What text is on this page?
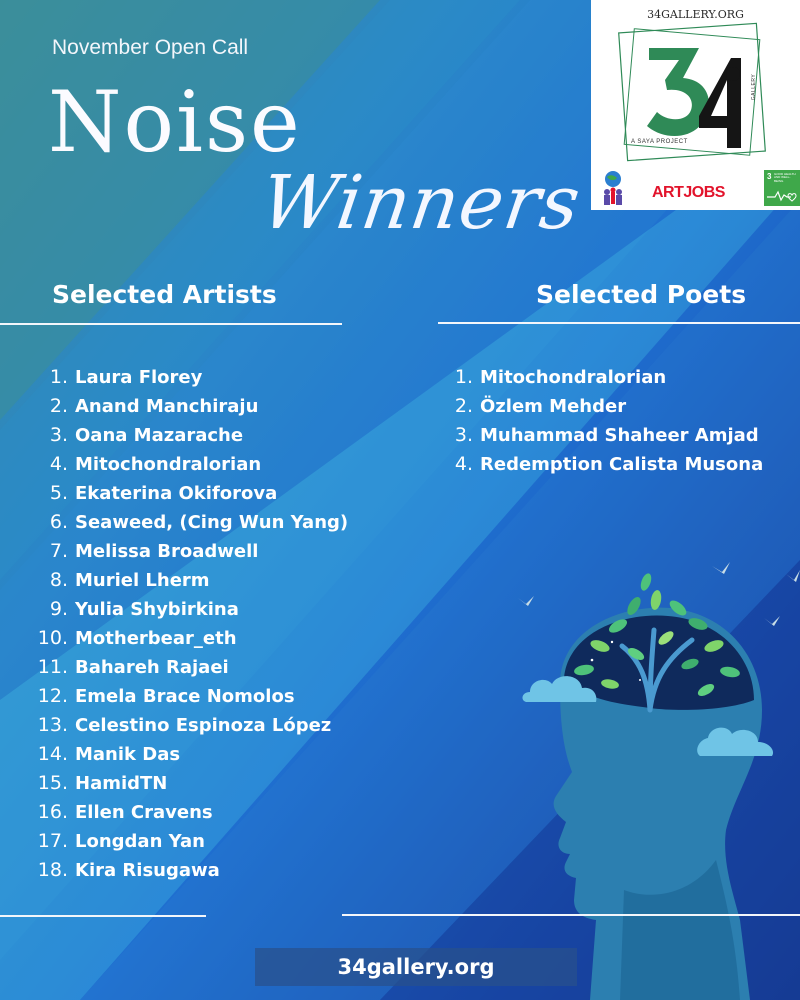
November Open Call
Noise
Winners
34GALLERY.ORG
GALLERY
A SAYA PROJECT
ARTJOBS
3 GOOD HEALTH AND WELL-BEING
Selected Artists	Selected Poets
1. Laura Florey
2. Anand Manchiraju
3. Oana Mazarache
4. Mitochondralorian
5. Ekaterina Okiforova
6. Seaweed, (Cing Wun Yang)
7. Melissa Broadwell
8. Muriel Lherm
9. Yulia Shybirkina
10. Motherbear_eth
11. Bahareh Rajaei
12. Emela Brace Nomolos
13. Celestino Espinoza López
14. Manik Das
15. HamidTN
16. Ellen Cravens
17. Longdan Yan
18. Kira Risugawa
1. Mitochondralorian
2. Özlem Mehder
3. Muhammad Shaheer Amjad
4. Redemption Calista Musona
34gallery.org
